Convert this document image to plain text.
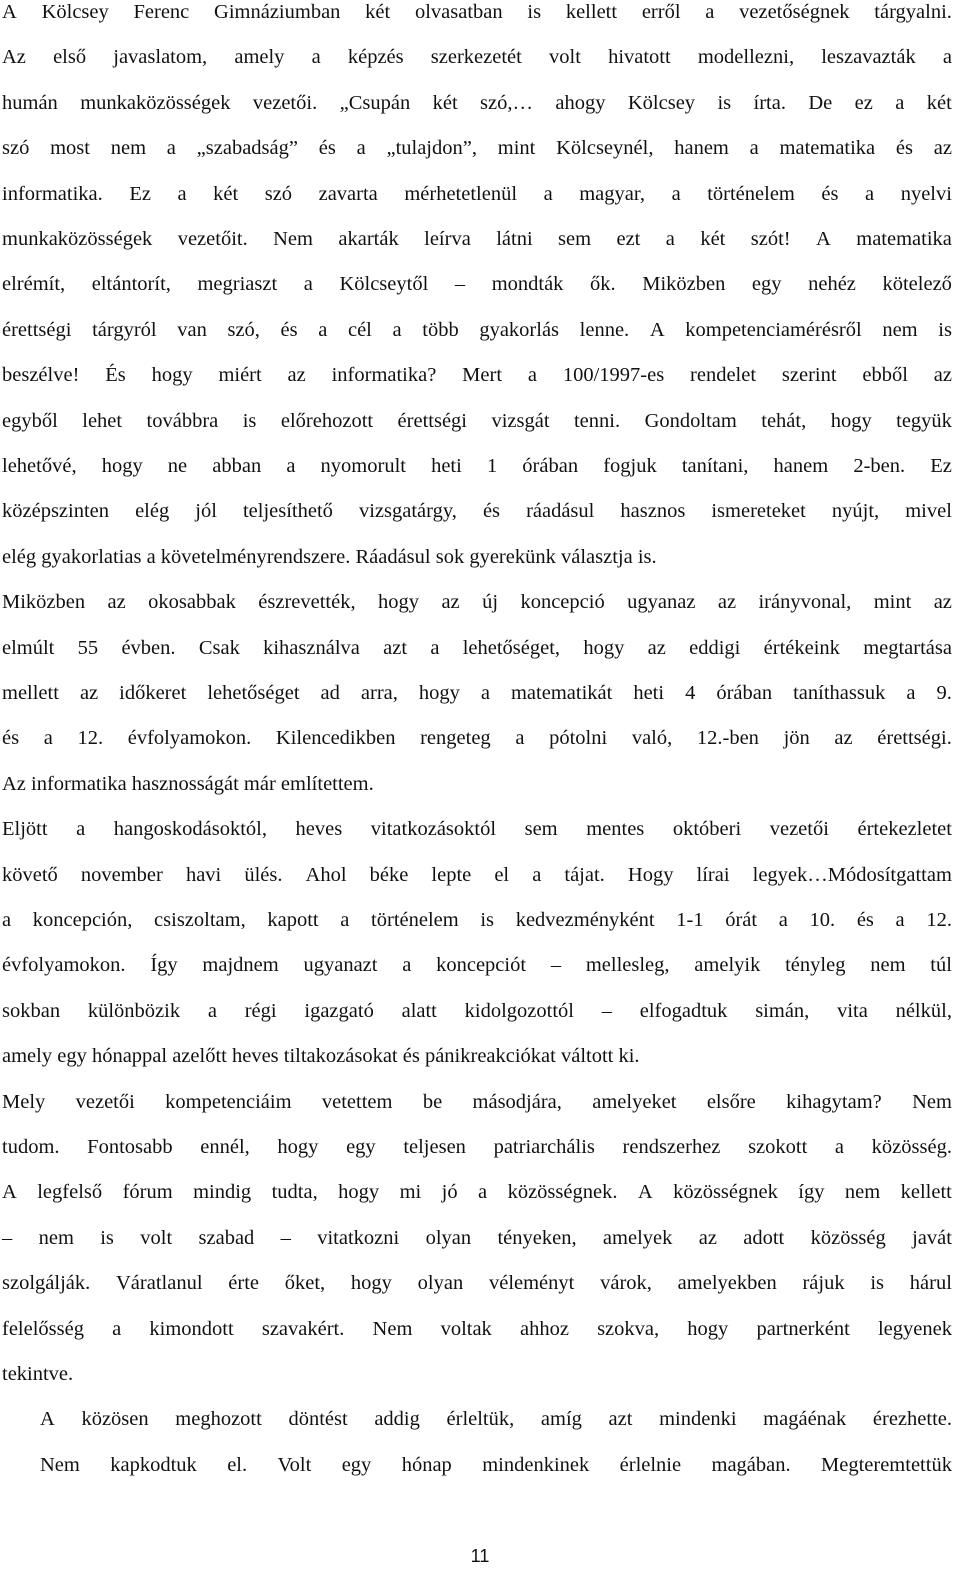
A Kölcsey Ferenc Gimnáziumban két olvasatban is kellett erről a vezetőségnek tárgyalni.
Az első javaslatom, amely a képzés szerkezetét volt hivatott modellezni, leszavazták a
humán munkaközösségek vezetői. „Csupán két szó,… ahogy Kölcsey is írta. De ez a két
szó most nem a „szabadság” és a „tulajdon”, mint Kölcseynél, hanem a matematika és az
informatika. Ez a két szó zavarta mérhetetlenül a magyar, a történelem és a nyelvi
munkaközösségek vezetőit. Nem akarták leírva látni sem ezt a két szót! A matematika
elrémít, eltántorít, megriaszt a Kölcseytől – mondták ők. Miközben egy nehéz kötelező
érettségi tárgyról van szó, és a cél a több gyakorlás lenne. A kompetenciamérésről nem is
beszélve! És hogy miért az informatika? Mert a 100/1997-es rendelet szerint ebből az
egyből lehet továbbra is előrehozott érettségi vizsgát tenni. Gondoltam tehát, hogy tegyük
lehetővé, hogy ne abban a nyomorult heti 1 órában fogjuk tanítani, hanem 2-ben. Ez
középszinten elég jól teljesíthető vizsgatárgy, és ráadásul hasznos ismereteket nyújt, mivel
elég gyakorlatias a követelményrendszere. Ráadásul sok gyerekünk választja is.
Miközben az okosabbak észrevették, hogy az új koncepció ugyanaz az irányvonal, mint az
elmúlt 55 évben. Csak kihasználva azt a lehetőséget, hogy az eddigi értékeink megtartása
mellett az időkeret lehetőséget ad arra, hogy a matematikát heti 4 órában taníthassuk a 9.
és a 12. évfolyamokon. Kilencedikben rengeteg a pótolni való, 12.-ben jön az érettségi.
Az informatika hasznosságát már említettem.
Eljött a hangoskodásoktól, heves vitatkozásoktól sem mentes októberi vezetői értekezletet
követő november havi ülés. Ahol béke lepte el a tájat. Hogy lírai legyek…Módosítgattam
a koncepción, csiszoltam, kapott a történelem is kedvezményként 1-1 órát a 10. és a 12.
évfolyamokon. Így majdnem ugyanazt a koncepciót – mellesleg, amelyik tényleg nem túl
sokban különbözik a régi igazgató alatt kidolgozottól – elfogadtuk simán, vita nélkül,
amely egy hónappal azelőtt heves tiltakozásokat és pánikreakciókat váltott ki.
Mely vezetői kompetenciáim vetettem be másodjára, amelyeket elsőre kihagytam? Nem
tudom. Fontosabb ennél, hogy egy teljesen patriarchális rendszerhez szokott a közösség.
A legfelső fórum mindig tudta, hogy mi jó a közösségnek. A közösségnek így nem kellett
– nem is volt szabad – vitatkozni olyan tényeken, amelyek az adott közösség javát
szolgálják. Váratlanul érte őket, hogy olyan véleményt várok, amelyekben rájuk is hárul
felelősség a kimondott szavakért. Nem voltak ahhoz szokva, hogy partnerként legyenek
tekintve.
A közösen meghozott döntést addig érleltük, amíg azt mindenki magáénak érezhette.
Nem kapkodtuk el. Volt egy hónap mindenkinek érlelnie magában. Megteremtettük
11
